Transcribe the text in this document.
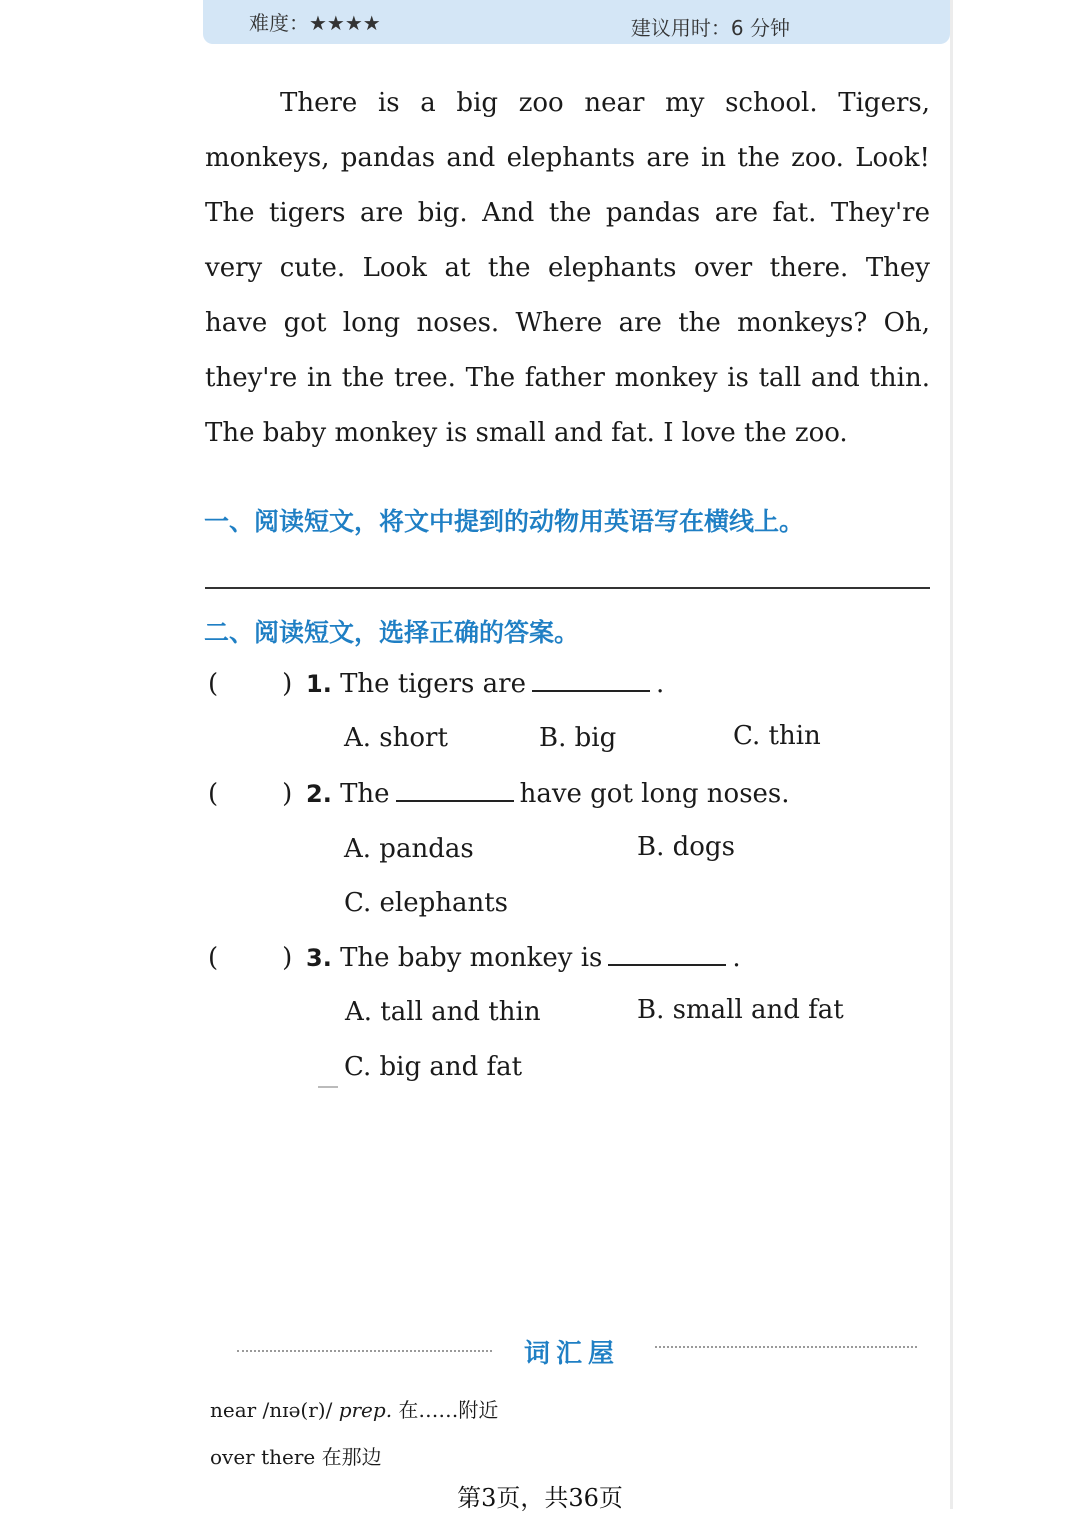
难度：★★★★	建议用时：6 分钟
There is a big zoo near my school. Tigers,
monkeys, pandas and elephants are in the zoo. Look!
The tigers are big. And the pandas are fat. They're
very cute. Look at the elephants over there. They
have got long noses. Where are the monkeys? Oh,
they're in the tree. The father monkey is tall and thin.
The baby monkey is small and fat. I love the zoo.
一、阅读短文，将文中提到的动物用英语写在横线上。
二、阅读短文，选择正确的答案。
( ) 1. The tigers are	.
A. short	B. big	C. thin
( ) 2. The	have got long noses.
A. pandas	B. dogs
C. elephants
( ) 3. The baby monkey is	.
A. tall and thin	B. small and fat
C. big and fat
词汇屋
near /nɪə(r)/ prep. 在……附近
over there 在那边
第3页，共36页
